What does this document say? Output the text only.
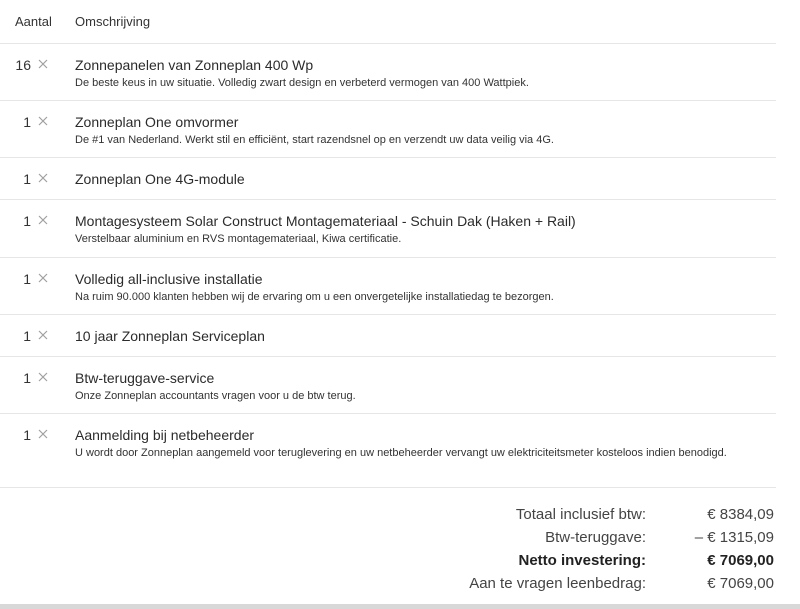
Aantal Omschrijving
16	Zonnepanelen van Zonneplan 400 Wp
De beste keus in uw situatie. Volledig zwart design en verbeterd vermogen van 400 Wattpiek.
1	Zonneplan One omvormer
De #1 van Nederland. Werkt stil en efficiënt, start razendsnel op en verzendt uw data veilig via 4G.
1	Zonneplan One 4G-module
1	Montagesysteem Solar Construct Montagemateriaal - Schuin Dak (Haken + Rail)
Verstelbaar aluminium en RVS montagemateriaal, Kiwa certificatie.
1	Volledig all-inclusive installatie
Na ruim 90.000 klanten hebben wij de ervaring om u een onvergetelijke installatiedag te bezorgen.
1	10 jaar Zonneplan Serviceplan
1	Btw-teruggave-service
Onze Zonneplan accountants vragen voor u de btw terug.
1	Aanmelding bij netbeheerder
U wordt door Zonneplan aangemeld voor teruglevering en uw netbeheerder vervangt uw elektriciteitsmeter kosteloos indien benodigd.
Totaal inclusief btw:	€ 8384,09
Btw-teruggave:	– € 1315,09
Netto investering:	€ 7069,00
Aan te vragen leenbedrag:	€ 7069,00
